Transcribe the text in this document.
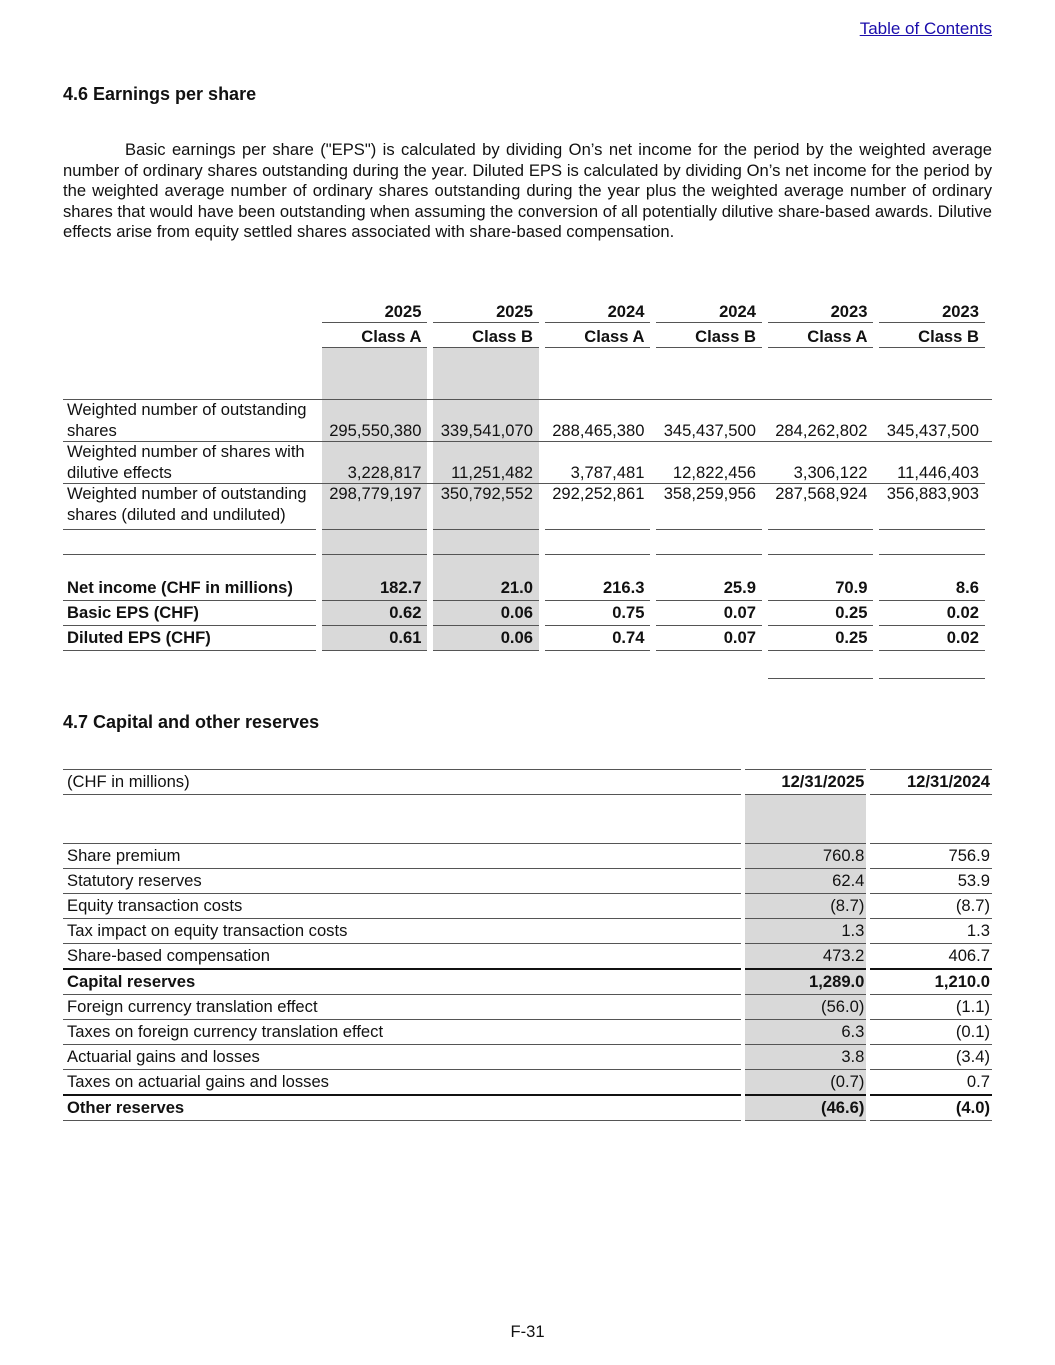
Table of Contents
4.6 Earnings per share

Basic earnings per share ("EPS") is calculated by dividing On’s net income for the period by the weighted average number of ordinary shares outstanding during the year. Diluted EPS is calculated by dividing On’s net income for the period by the weighted average number of ordinary shares outstanding during the year plus the weighted average number of ordinary shares that would have been outstanding when assuming the conversion of all potentially dilutive share-based awards. Dilutive effects arise from equity settled shares associated with share-based compensation.

		2025		2025		2024		2024		2023		2023	
		Class A		Class B		Class A		Class B		Class A		Class B	

Weighted number of outstanding shares		295,550,380		339,541,070		288,465,380		345,437,500		284,262,802		345,437,500	
Weighted number of shares with dilutive effects		3,228,817		11,251,482		3,787,481		12,822,456		3,306,122		11,446,403	
Weighted number of outstanding shares (diluted and undiluted)		298,779,197		350,792,552		292,252,861		358,259,956		287,568,924		356,883,903	

Net income (CHF in millions)		182.7		21.0		216.3		25.9		70.9		8.6	
Basic EPS (CHF)		0.62		0.06		0.75		0.07		0.25		0.02	
Diluted EPS (CHF)		0.61		0.06		0.74		0.07		0.25		0.02	

4.7 Capital and other reserves
(CHF in millions)		12/31/2025		12/31/2024

Share premium		760.8		756.9
Statutory reserves		62.4		53.9
Equity transaction costs		(8.7)		(8.7)
Tax impact on equity transaction costs		1.3		1.3
Share-based compensation		473.2		406.7
Capital reserves		1,289.0		1,210.0
Foreign currency translation effect		(56.0)		(1.1)
Taxes on foreign currency translation effect		6.3		(0.1)
Actuarial gains and losses		3.8		(3.4)
Taxes on actuarial gains and losses		(0.7)		0.7
Other reserves		(46.6)		(4.0)
F-31
